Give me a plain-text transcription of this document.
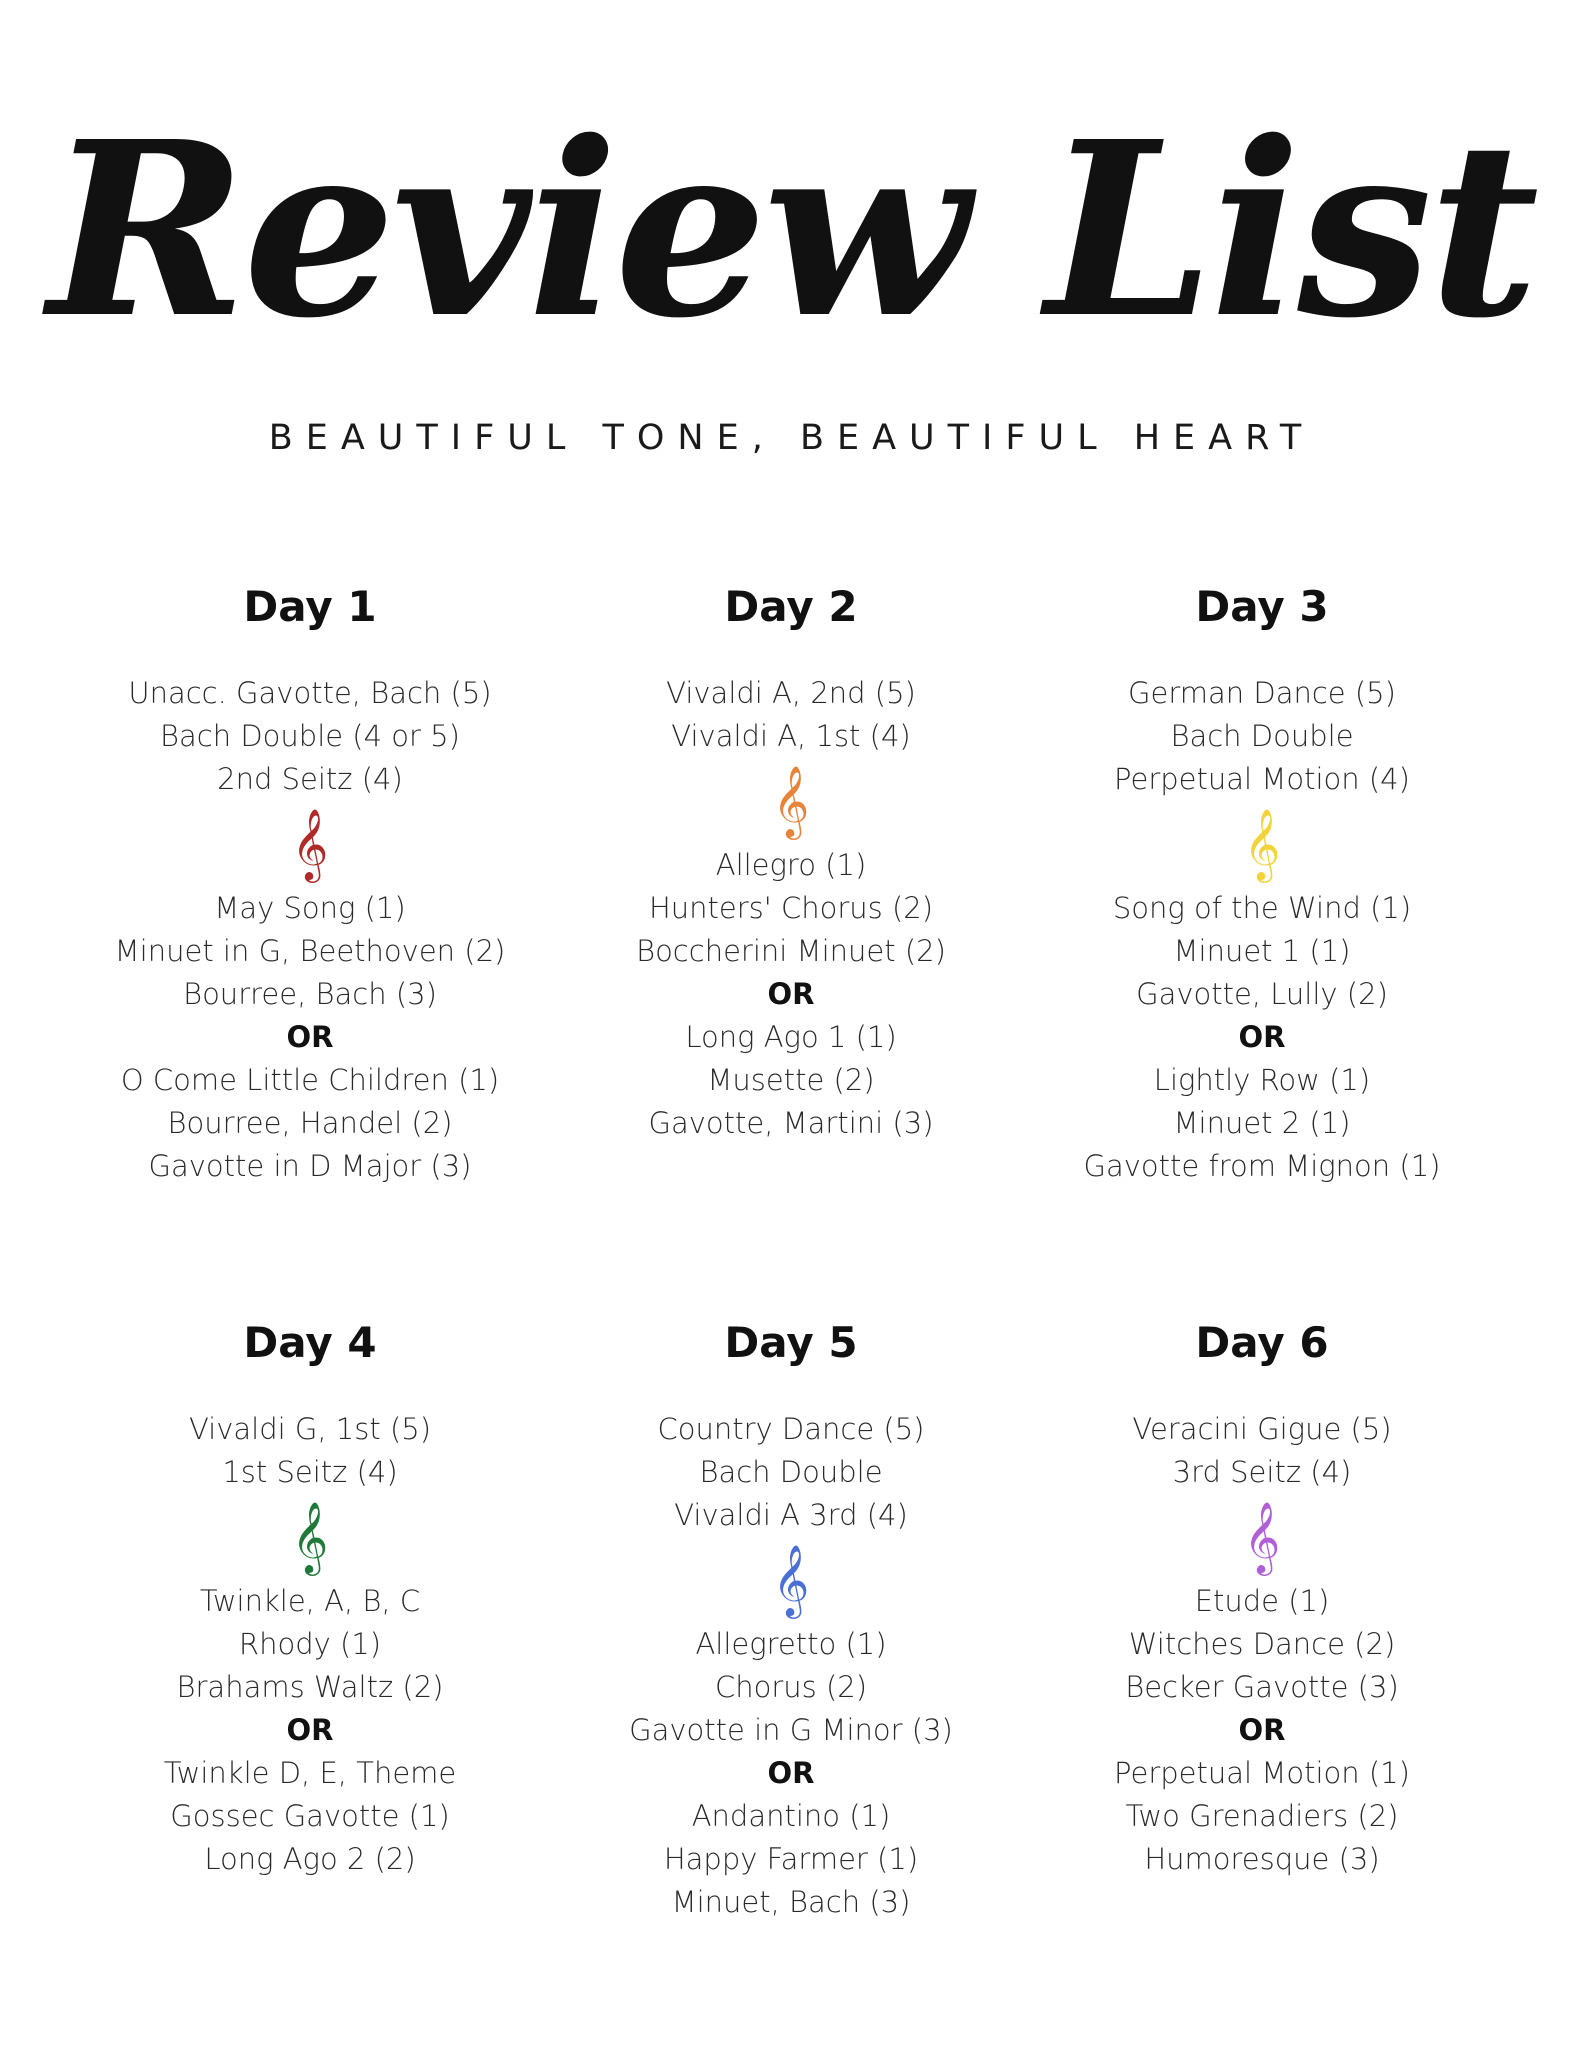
Review List

BEAUTIFUL TONE, BEAUTIFUL HEART

Day 1
Unacc. Gavotte, Bach (5)
Bach Double (4 or 5)
2nd Seitz (4)
𝄞
May Song (1)
Minuet in G, Beethoven (2)
Bourree, Bach (3)
OR
O Come Little Children (1)
Bourree, Handel (2)
Gavotte in D Major (3)
Day 2
Vivaldi A, 2nd (5)
Vivaldi A, 1st (4)
𝄞
Allegro (1)
Hunters' Chorus (2)
Boccherini Minuet (2)
OR
Long Ago 1 (1)
Musette (2)
Gavotte, Martini (3)
Day 3
German Dance (5)
Bach Double
Perpetual Motion (4)
𝄞
Song of the Wind (1)
Minuet 1 (1)
Gavotte, Lully (2)
OR
Lightly Row (1)
Minuet 2 (1)
Gavotte from Mignon (1)
Day 4
Vivaldi G, 1st (5)
1st Seitz (4)
𝄞
Twinkle, A, B, C
Rhody (1)
Brahams Waltz (2)
OR
Twinkle D, E, Theme
Gossec Gavotte (1)
Long Ago 2 (2)
Day 5
Country Dance (5)
Bach Double
Vivaldi A 3rd (4)
𝄞
Allegretto (1)
Chorus (2)
Gavotte in G Minor (3)
OR
Andantino (1)
Happy Farmer (1)
Minuet, Bach (3)
Day 6
Veracini Gigue (5)
3rd Seitz (4)
𝄞
Etude (1)
Witches Dance (2)
Becker Gavotte (3)
OR
Perpetual Motion (1)
Two Grenadiers (2)
Humoresque (3)
